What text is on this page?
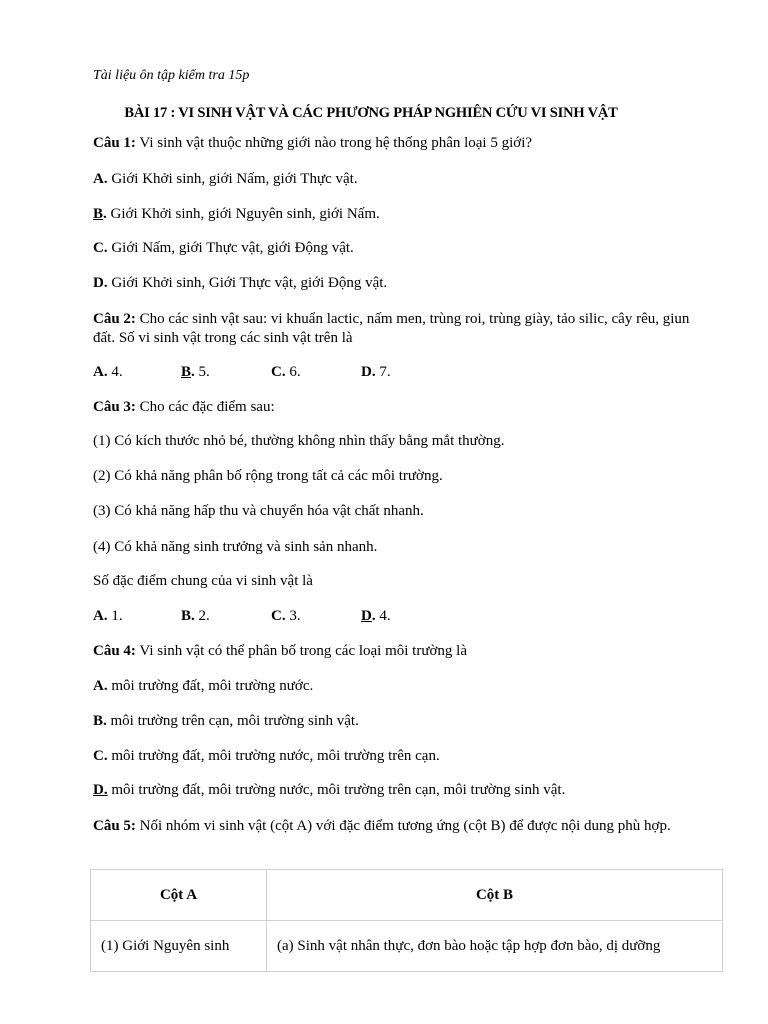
Tài liệu ôn tập kiểm tra 15p
BÀI 17 : VI SINH VẬT VÀ CÁC PHƯƠNG PHÁP NGHIÊN CỨU VI SINH VẬT
Câu 1: Vi sinh vật thuộc những giới nào trong hệ thống phân loại 5 giới?
A. Giới Khởi sinh, giới Nấm, giới Thực vật.
B. Giới Khởi sinh, giới Nguyên sinh, giới Nấm.
C. Giới Nấm, giới Thực vật, giới Động vật.
D. Giới Khởi sinh, Giới Thực vật, giới Động vật.
Câu 2: Cho các sinh vật sau: vi khuẩn lactic, nấm men, trùng roi, trùng giày, tảo silic, cây rêu, giun đất. Số vi sinh vật trong các sinh vật trên là
A. 4.	B. 5.	C. 6.	D. 7.
Câu 3: Cho các đặc điểm sau:
(1) Có kích thước nhỏ bé, thường không nhìn thấy bằng mắt thường.
(2) Có khả năng phân bố rộng trong tất cả các môi trường.
(3) Có khả năng hấp thu và chuyển hóa vật chất nhanh.
(4) Có khả năng sinh trưởng và sinh sản nhanh.
Số đặc điểm chung của vi sinh vật là
A. 1.	B. 2.	C. 3.	D. 4.
Câu 4: Vi sinh vật có thể phân bố trong các loại môi trường là
A. môi trường đất, môi trường nước.
B. môi trường trên cạn, môi trường sinh vật.
C. môi trường đất, môi trường nước, môi trường trên cạn.
D. môi trường đất, môi trường nước, môi trường trên cạn, môi trường sinh vật.
Câu 5: Nối nhóm vi sinh vật (cột A) với đặc điểm tương ứng (cột B) để được nội dung phù hợp.
Cột A	Cột B
(1) Giới Nguyên sinh	(a) Sinh vật nhân thực, đơn bào hoặc tập hợp đơn bào, dị dưỡng
